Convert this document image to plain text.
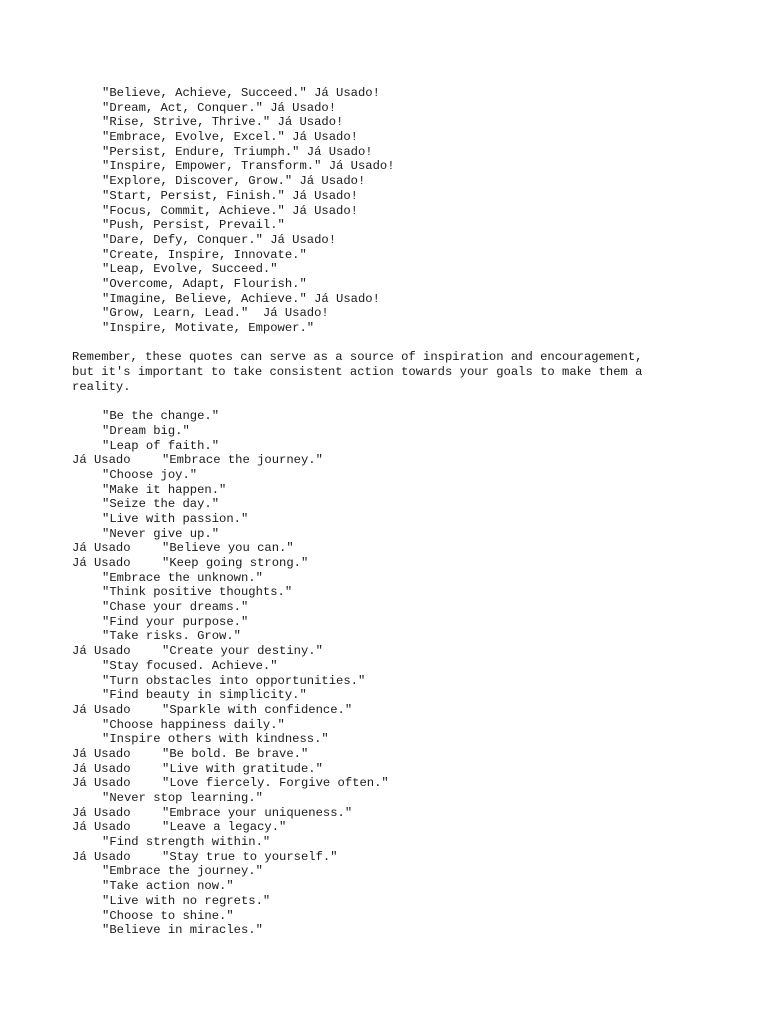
"Believe, Achieve, Succeed." Já Usado!
"Dream, Act, Conquer." Já Usado!
"Rise, Strive, Thrive." Já Usado!
"Embrace, Evolve, Excel." Já Usado!
"Persist, Endure, Triumph." Já Usado!
"Inspire, Empower, Transform." Já Usado!
"Explore, Discover, Grow." Já Usado!
"Start, Persist, Finish." Já Usado!
"Focus, Commit, Achieve." Já Usado!
"Push, Persist, Prevail."
"Dare, Defy, Conquer." Já Usado!
"Create, Inspire, Innovate."
"Leap, Evolve, Succeed."
"Overcome, Adapt, Flourish."
"Imagine, Believe, Achieve." Já Usado!
"Grow, Learn, Lead."  Já Usado!
"Inspire, Motivate, Empower."
Remember, these quotes can serve as a source of inspiration and encouragement,
but it's important to take consistent action towards your goals to make them a
reality.
"Be the change."
"Dream big."
"Leap of faith."
Já Usado	"Embrace the journey."
"Choose joy."
"Make it happen."
"Seize the day."
"Live with passion."
"Never give up."
Já Usado	"Believe you can."
Já Usado	"Keep going strong."
"Embrace the unknown."
"Think positive thoughts."
"Chase your dreams."
"Find your purpose."
"Take risks. Grow."
Já Usado	"Create your destiny."
"Stay focused. Achieve."
"Turn obstacles into opportunities."
"Find beauty in simplicity."
Já Usado	"Sparkle with confidence."
"Choose happiness daily."
"Inspire others with kindness."
Já Usado	"Be bold. Be brave."
Já Usado	"Live with gratitude."
Já Usado	"Love fiercely. Forgive often."
"Never stop learning."
Já Usado	"Embrace your uniqueness."
Já Usado	"Leave a legacy."
"Find strength within."
Já Usado	"Stay true to yourself."
"Embrace the journey."
"Take action now."
"Live with no regrets."
"Choose to shine."
"Believe in miracles."
